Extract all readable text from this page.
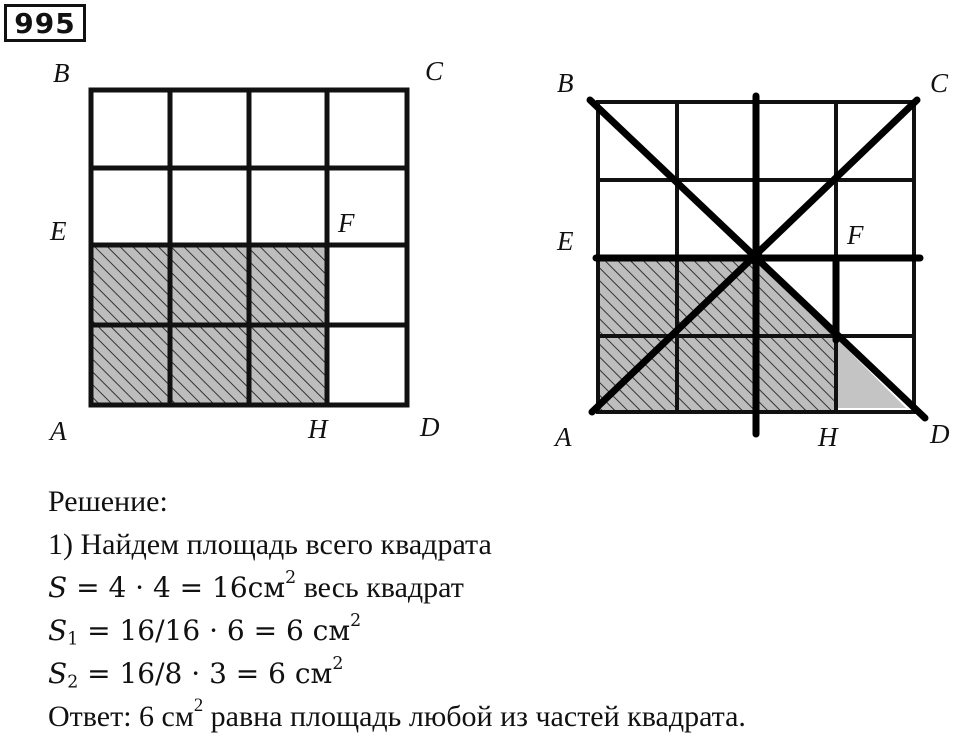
995
B	C
E	F
A	H	D
B	C
E	F
A	H	D
Решение:
1) Найдем площадь всего квадрата
$S = 4 \cdot 4 = 16см^2$ весь квадрат
$S_1 = 16/16 \cdot 6 = 6$ $см^2$
$S_2 = 16/8 \cdot 3 = 6$ $см^2$
Ответ: 6 $см^2$ равна площадь любой из частей квадрата.
